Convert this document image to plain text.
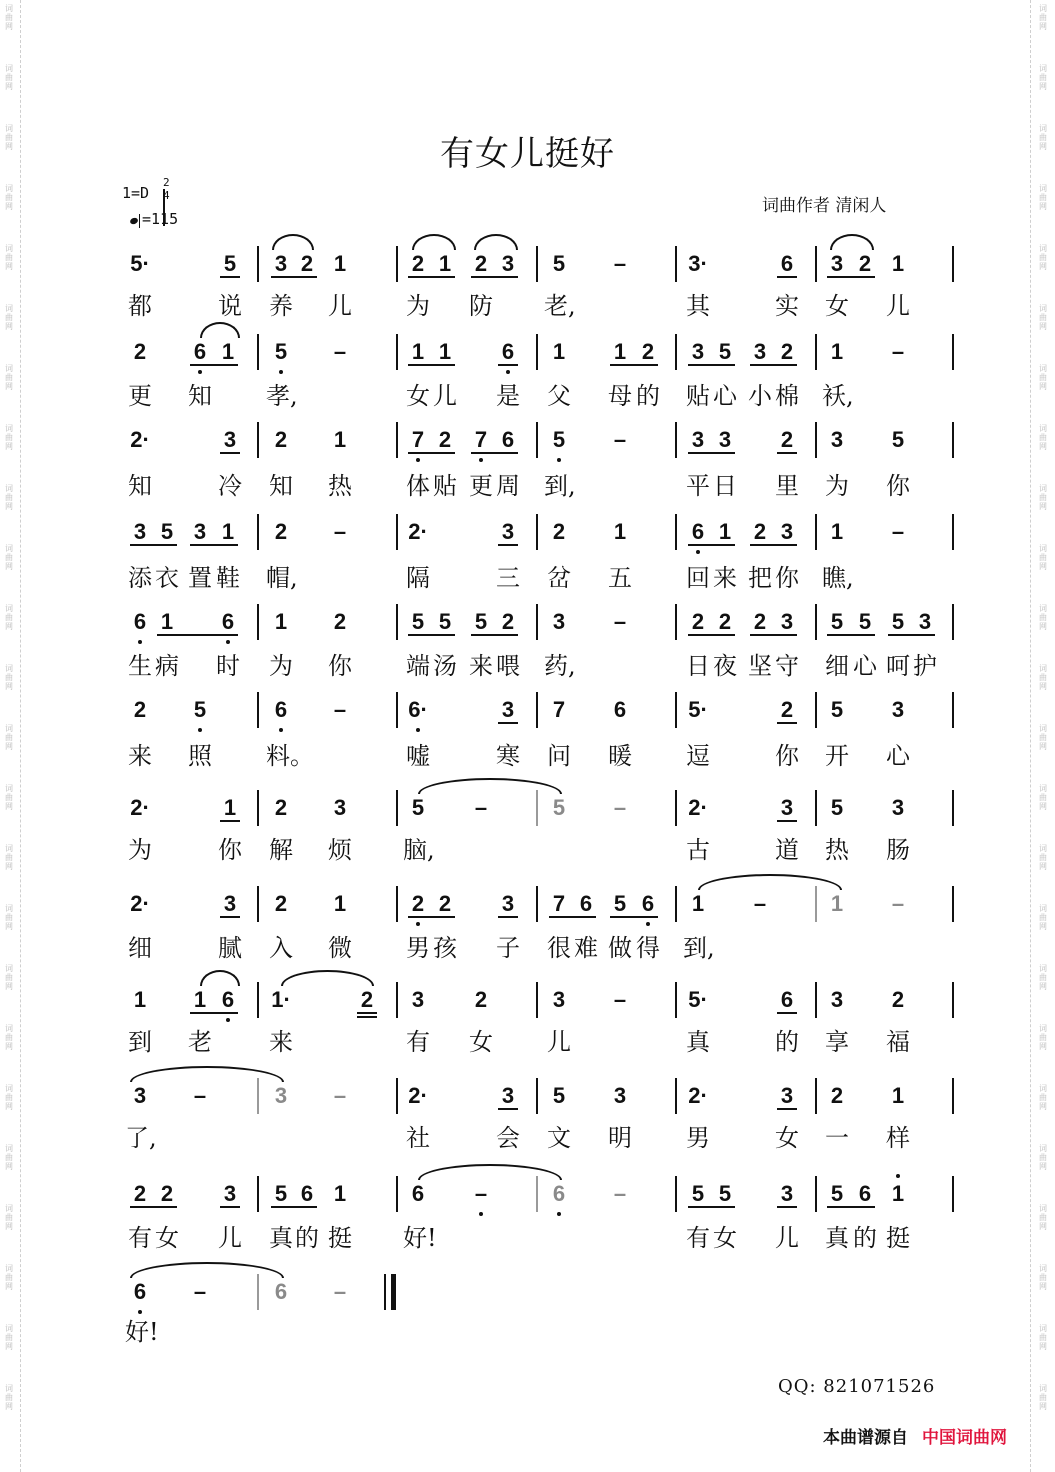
词
曲
网
词
曲
网
词
曲
网
词
曲
网
词
曲
网
词
曲
网
词
曲
网
词
曲
网
词
曲
网
词
曲
网
词
曲
网
词
曲
网
词
曲
网
词
曲
网
词
曲
网
词
曲
网
词
曲
网
词
曲
网
词
曲
网
词
曲
网
词
曲
网
词
曲
网
词
曲
网
词
曲
网
词
曲
网
词
曲
网
词
曲
网
词
曲
网
词
曲
网
词
曲
网
词
曲
网
词
曲
网
词
曲
网
词
曲
网
词
曲
网
词
曲
网
词
曲
网
词
曲
网
词
曲
网
词
曲
网
词
曲
网
词
曲
网
词
曲
网
词
曲
网
词
曲
网
词
曲
网
词
曲
网
词
曲
网
有女儿挺好
1=D
$\frac{2}{4}$
=115
词曲作者 清闲人
5·	5 3 2 1	2 1 2 3 5 –	3·	6 3 2 1
都	说 养 儿 为 防 老,	其	实 女 儿
2 6 1 5 –	1 1 6 1 1 2 3 5 3 2 1 –
更 知 孝,	女 儿 是 父 母 的 贴 心 小 棉 袄,
2·	3 2 1	7 2 7 6 5 –	3 3 2 3 5
知	冷 知 热 体 贴 更 周 到,	平 日 里 为 你
3 5 3 1 2 –	2·	3 2 1	6 1 2 3 1 –
添 衣 置 鞋 帽,	隔	三 岔 五 回 来 把 你 瞧,
6 1 6 1 2	5 5 5 2 3 –	2 2 2 3 5 5 5 3
生 病 时 为 你 端 汤 来 喂 药,	日 夜 坚 守 细 心 呵 护
2 5	6 –	6·	3 7 6	5·	2 5 3
来 照 料。	嘘	寒 问 暖 逗	你 开 心
2·	1 2 3	5 –	5 –	2·	3 5 3
为	你 解 烦 脑,	古	道 热 肠
2·	3 2 1	2 2 3 7 6 5 6 1 –	1 –
细	腻 入 微 男 孩 子 很 难 做 得 到,
1 1 6 1·	2 3 2	3 –	5·	6 3 2
到 老 来	有 女 儿	真	的 享 福
3 –	3 –	2·	3 5 3	2·	3 2 1
了,	社	会 文 明 男	女 一 样
2 2 3 5 6 1	6 –	6 –	5 5 3 5 6 1
有 女 儿 真 的 挺 好!	有 女 儿 真 的 挺
6 –	6 –
好!
QQ: 821071526
本曲谱源自 中国词曲网
